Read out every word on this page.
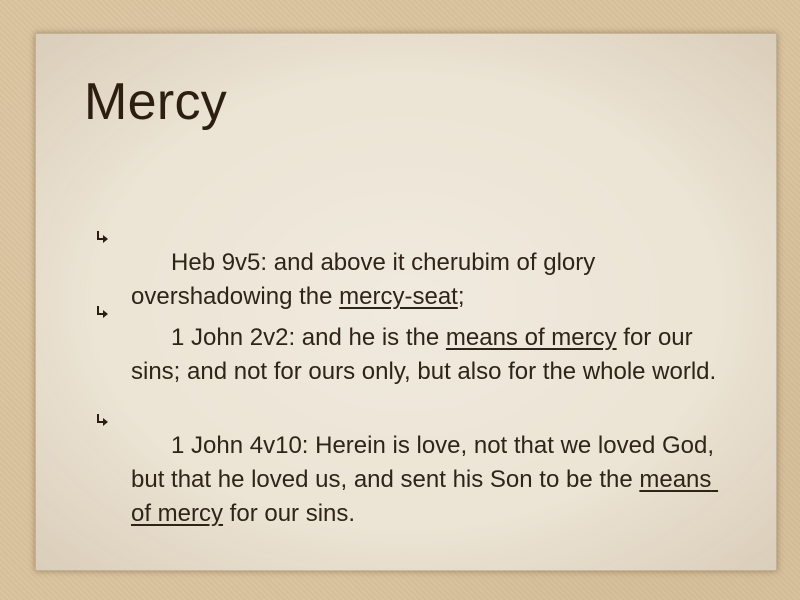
Mercy

Heb 9v5: and above it cherubim of glory overshadowing the mercy-seat;

1 John 2v2: and he is the means of mercy for our sins; and not for ours only, but also for the whole world.

1 John 4v10: Herein is love, not that we loved God, but that he loved us, and sent his Son to be the means of mercy for our sins.
